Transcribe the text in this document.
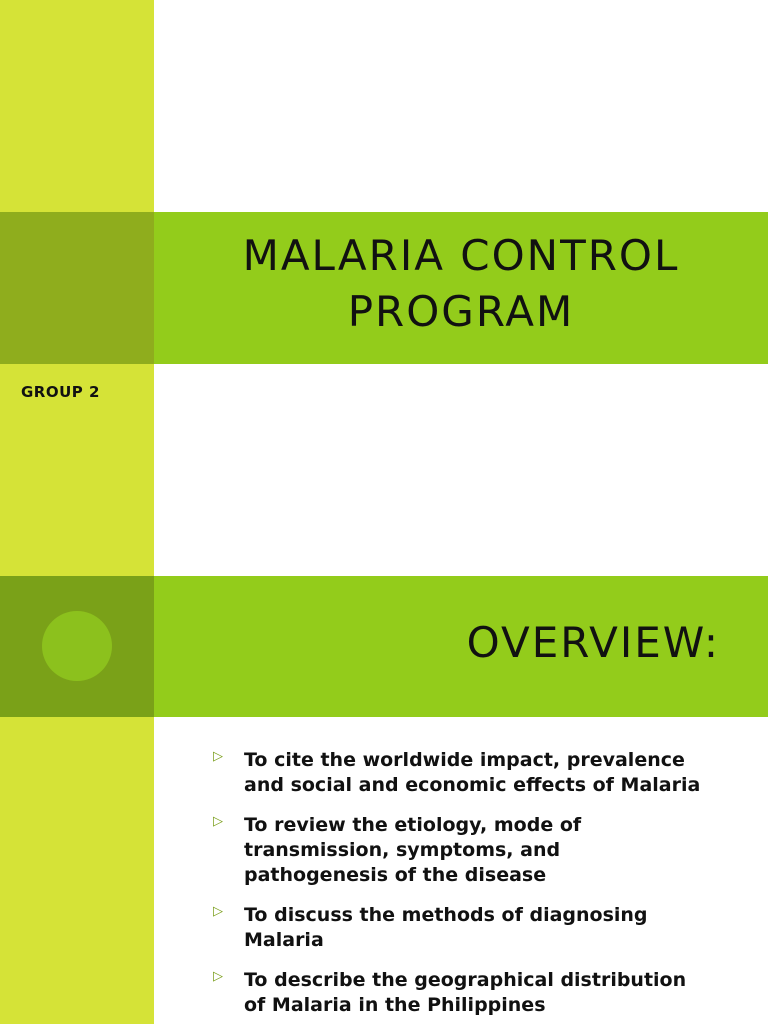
MALARIA CONTROL
PROGRAM
GROUP 2
OVERVIEW:
▷ To cite the worldwide impact, prevalence and social and economic effects of Malaria
▷ To review the etiology, mode of transmission, symptoms, and pathogenesis of the disease
▷ To discuss the methods of diagnosing Malaria
▷ To describe the geographical distribution of Malaria in the Philippines
